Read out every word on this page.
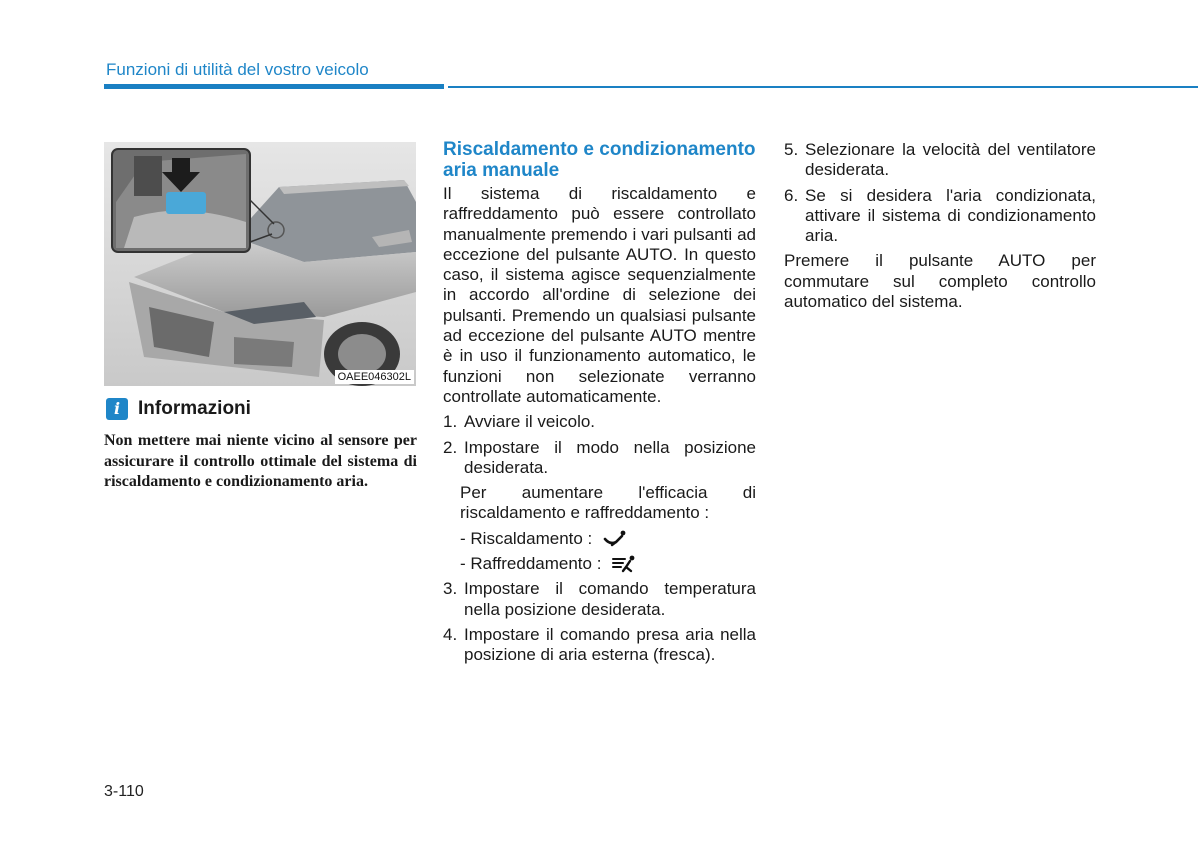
Funzioni di utilità del vostro veicolo
OAEE046302L
i Informazioni
Non mettere mai niente vicino al sensore per assicurare il controllo ottimale del sistema di riscaldamento e condizionamento aria.
Riscaldamento e condizionamento aria manuale
Il sistema di riscaldamento e raffreddamento può essere controllato manualmente premendo i vari pulsanti ad eccezione del pulsante AUTO. In questo caso, il sistema agisce sequenzialmente in accordo all'ordine di selezione dei pulsanti. Premendo un qualsiasi pulsante ad eccezione del pulsante AUTO mentre è in uso il funzionamento automatico, le funzioni non selezionate verranno controllate automaticamente.
1. Avviare il veicolo.
2. Impostare il modo nella posizione desiderata.
Per aumentare l'efficacia di riscaldamento e raffreddamento :
- Riscaldamento :
- Raffreddamento :
3. Impostare il comando temperatura nella posizione desiderata.
4. Impostare il comando presa aria nella posizione di aria esterna (fresca).
5. Selezionare la velocità del ventilatore desiderata.
6. Se si desidera l'aria condizionata, attivare il sistema di condizionamento aria.
Premere il pulsante AUTO per commutare sul completo controllo automatico del sistema.
3-110
